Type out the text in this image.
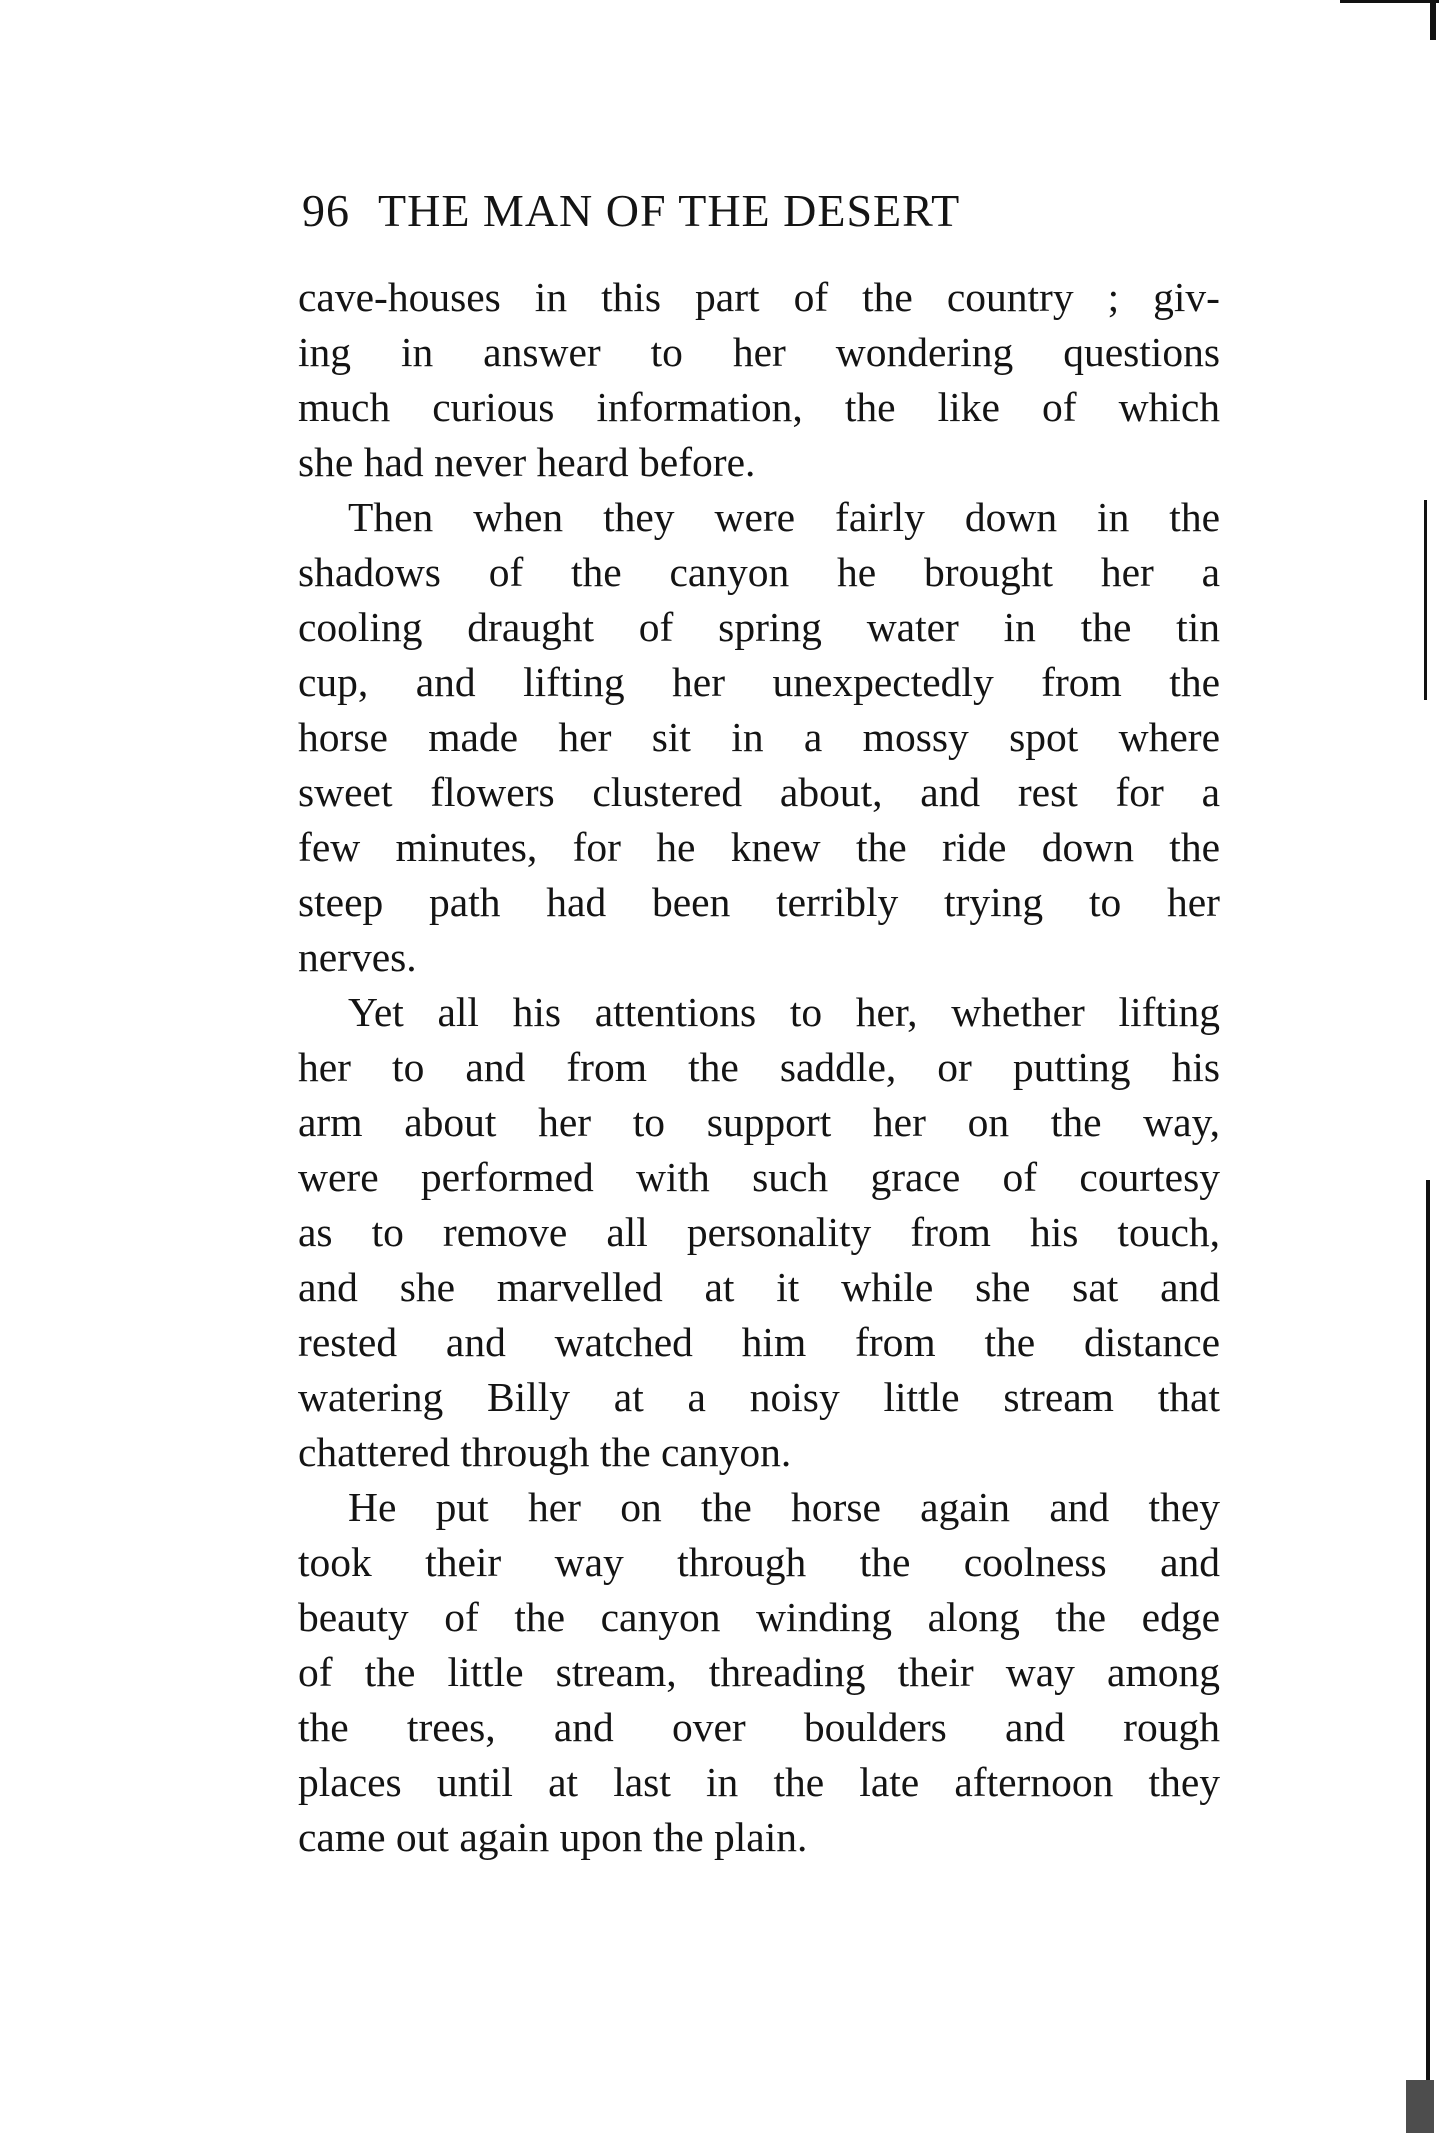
96 THE MAN OF THE DESERT
cave-houses in this part of the country ; giv-
ing in answer to her wondering questions
much curious information, the like of which
she had never heard before.
Then when they were fairly down in the
shadows of the canyon he brought her a
cooling draught of spring water in the tin
cup, and lifting her unexpectedly from the
horse made her sit in a mossy spot where
sweet flowers clustered about, and rest for a
few minutes, for he knew the ride down the
steep path had been terribly trying to her
nerves.
Yet all his attentions to her, whether lifting
her to and from the saddle, or putting his
arm about her to support her on the way,
were performed with such grace of courtesy
as to remove all personality from his touch,
and she marvelled at it while she sat and
rested and watched him from the distance
watering Billy at a noisy little stream that
chattered through the canyon.
He put her on the horse again and they
took their way through the coolness and
beauty of the canyon winding along the edge
of the little stream, threading their way among
the trees, and over boulders and rough
places until at last in the late afternoon they
came out again upon the plain.
